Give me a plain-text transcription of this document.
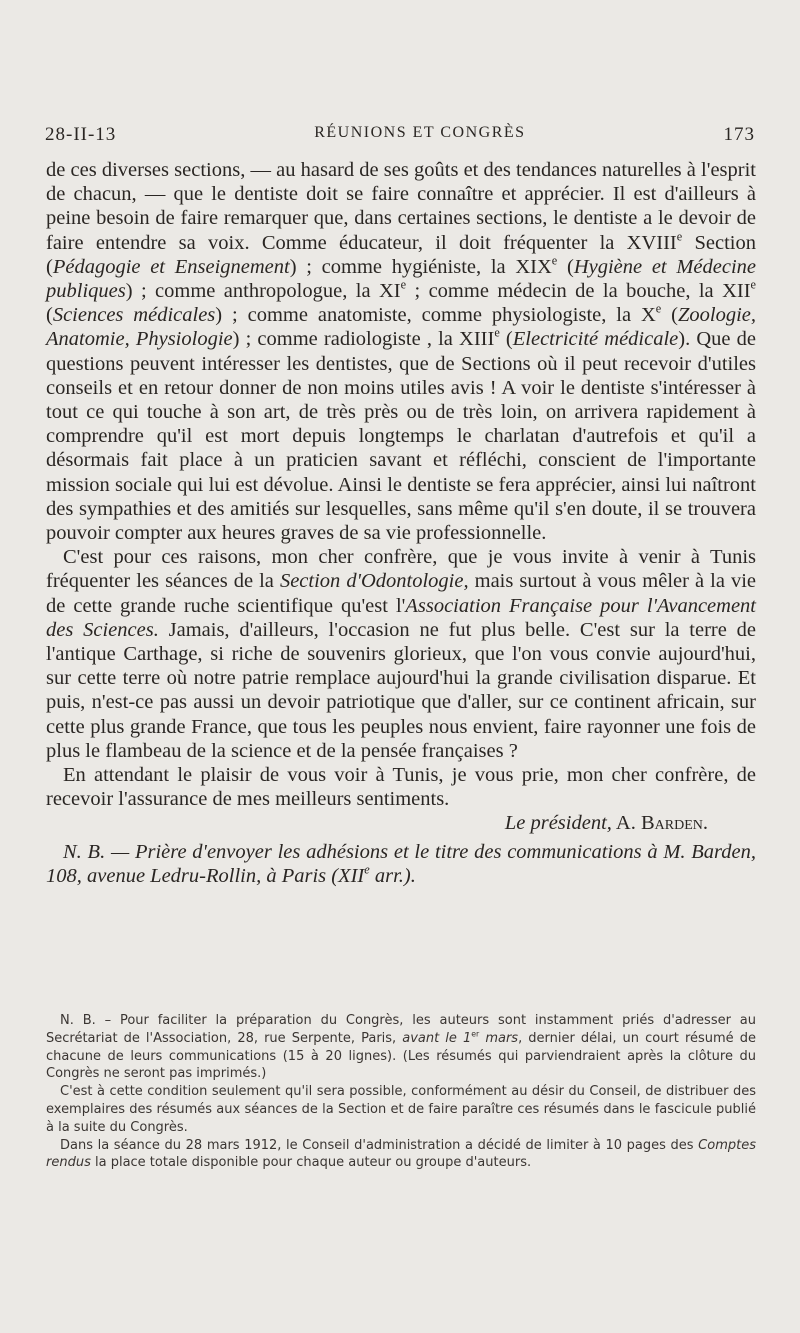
28-II-13	RÉUNIONS ET CONGRÈS	173

de ces diverses sections, — au hasard de ses goûts et des tendances naturelles à l'esprit de chacun, — que le dentiste doit se faire connaître et apprécier. Il est d'ailleurs à peine besoin de faire remarquer que, dans certaines sections, le dentiste a le devoir de faire entendre sa voix. Comme éducateur, il doit fréquenter la XVIIIe Section (Pédagogie et Enseignement) ; comme hygiéniste, la XIXe (Hygiène et Médecine publiques) ; comme anthropologue, la XIe ; comme médecin de la bouche, la XIIe (Sciences médicales) ; comme anatomiste, comme physiologiste, la Xe (Zoologie, Anatomie, Physiologie) ; comme radiologiste , la XIIIe (Electricité médicale). Que de questions peuvent intéresser les dentistes, que de Sections où il peut recevoir d'utiles conseils et en retour donner de non moins utiles avis ! A voir le dentiste s'intéresser à tout ce qui touche à son art, de très près ou de très loin, on arrivera rapidement à comprendre qu'il est mort depuis longtemps le charlatan d'autrefois et qu'il a désormais fait place à un praticien savant et réfléchi, conscient de l'importante mission sociale qui lui est dévolue. Ainsi le dentiste se fera apprécier, ainsi lui naîtront des sympathies et des amitiés sur lesquelles, sans même qu'il s'en doute, il se trouvera pouvoir compter aux heures graves de sa vie professionnelle.

C'est pour ces raisons, mon cher confrère, que je vous invite à venir à Tunis fréquenter les séances de la Section d'Odontologie, mais surtout à vous mêler à la vie de cette grande ruche scientifique qu'est l'Association Française pour l'Avancement des Sciences. Jamais, d'ailleurs, l'occasion ne fut plus belle. C'est sur la terre de l'antique Carthage, si riche de souvenirs glorieux, que l'on vous convie aujourd'hui, sur cette terre où notre patrie remplace aujourd'hui la grande civilisation disparue. Et puis, n'est-ce pas aussi un devoir patriotique que d'aller, sur ce continent africain, sur cette plus grande France, que tous les peuples nous envient, faire rayonner une fois de plus le flambeau de la science et de la pensée françaises ?

En attendant le plaisir de vous voir à Tunis, je vous prie, mon cher confrère, de recevoir l'assurance de mes meilleurs sentiments.

Le président, A. Barden.

N. B. — Prière d'envoyer les adhésions et le titre des communications à M. Barden, 108, avenue Ledru-Rollin, à Paris (XIIe arr.).

N. B. – Pour faciliter la préparation du Congrès, les auteurs sont instamment priés d'adresser au Secrétariat de l'Association, 28, rue Serpente, Paris, avant le 1er mars, dernier délai, un court résumé de chacune de leurs communications (15 à 20 lignes). (Les résumés qui parviendraient après la clôture du Congrès ne seront pas imprimés.)

C'est à cette condition seulement qu'il sera possible, conformément au désir du Conseil, de distribuer des exemplaires des résumés aux séances de la Section et de faire paraître ces résumés dans le fascicule publié à la suite du Congrès.

Dans la séance du 28 mars 1912, le Conseil d'administration a décidé de limiter à 10 pages des Comptes rendus la place totale disponible pour chaque auteur ou groupe d'auteurs.
